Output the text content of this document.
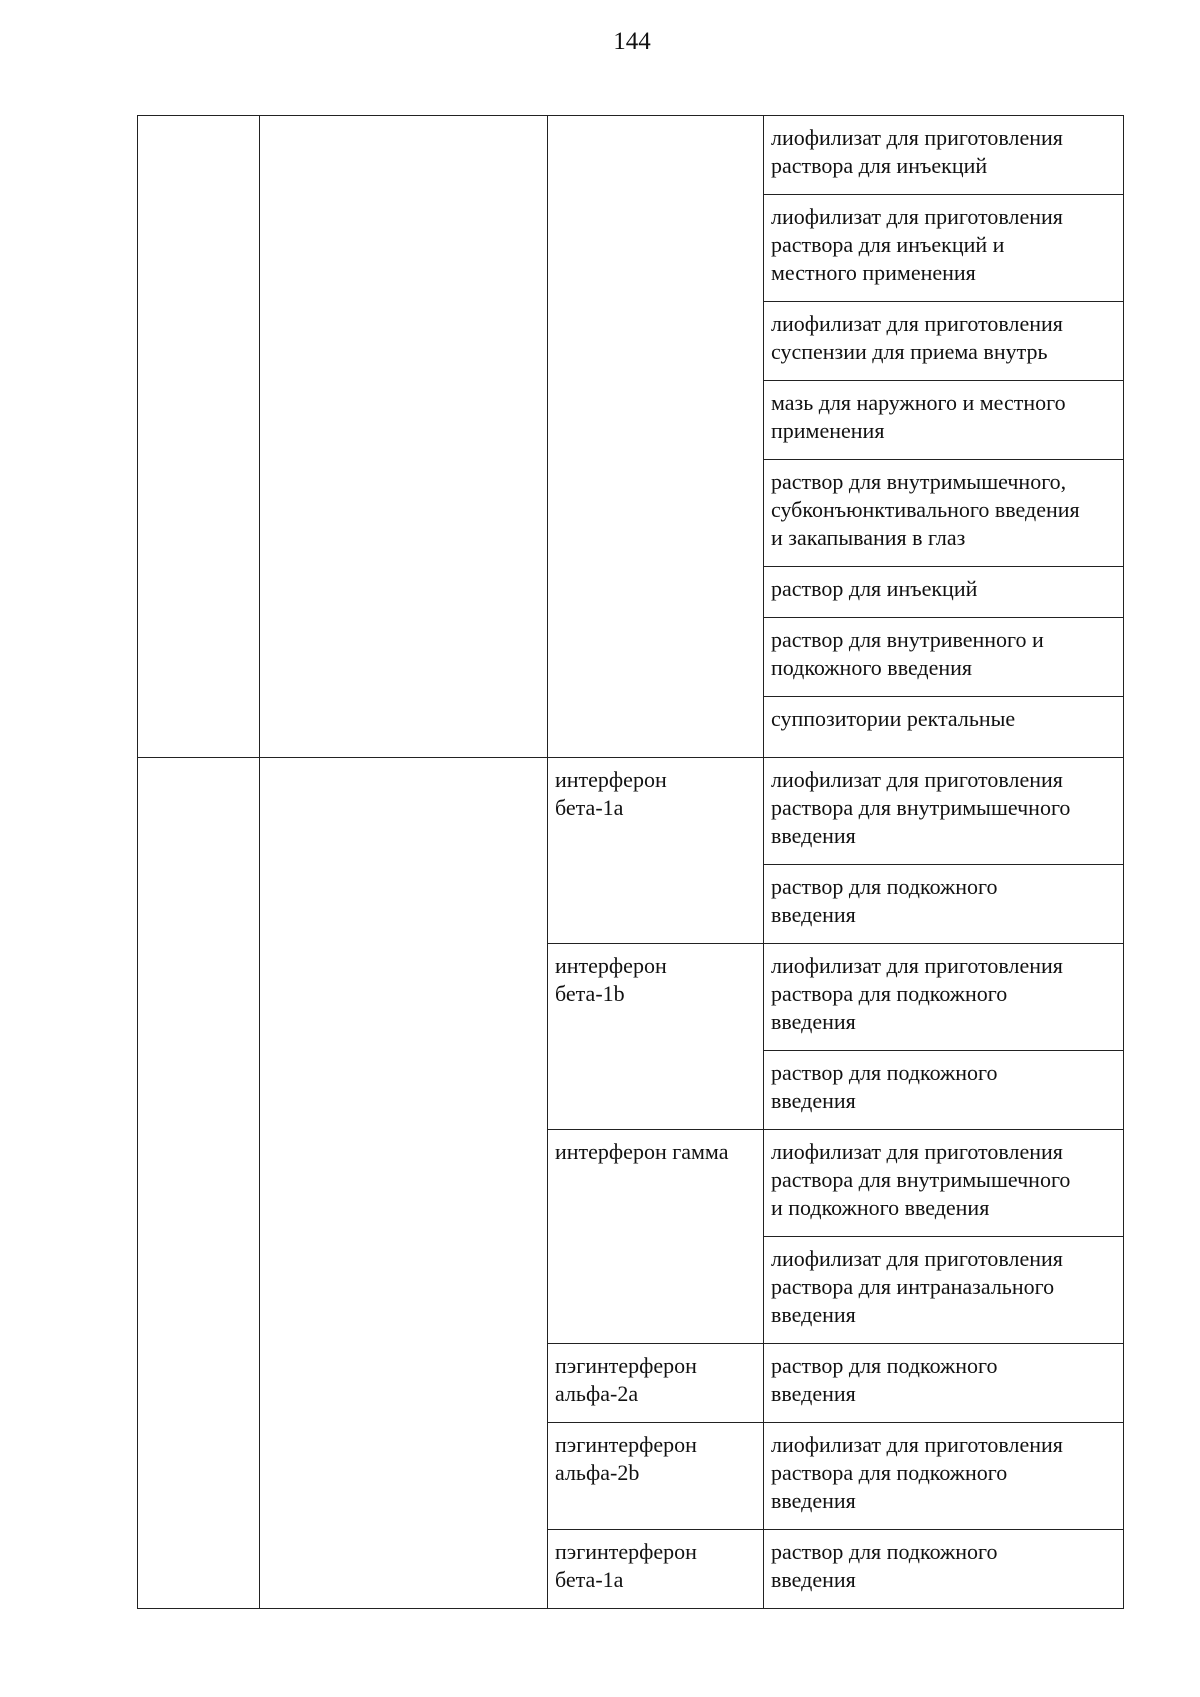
144
			лиофилизат для приготовления
раствора для инъекций
			лиофилизат для приготовления
раствора для инъекций и
местного применения
			лиофилизат для приготовления
суспензии для приема внутрь
			мазь для наружного и местного
применения
			раствор для внутримышечного,
субконъюнктивального введения
и закапывания в глаз
			раствор для инъекций
			раствор для внутривенного и
подкожного введения
			суппозитории ректальные
		интерферон
бета-1a	лиофилизат для приготовления
раствора для внутримышечного
введения
			раствор для подкожного
введения
		интерферон
бета-1b	лиофилизат для приготовления
раствора для подкожного
введения
			раствор для подкожного
введения
		интерферон гамма	лиофилизат для приготовления
раствора для внутримышечного
и подкожного введения
			лиофилизат для приготовления
раствора для интраназального
введения
		пэгинтерферон
альфа-2a	раствор для подкожного
введения
		пэгинтерферон
альфа-2b	лиофилизат для приготовления
раствора для подкожного
введения
		пэгинтерферон
бета-1a	раствор для подкожного
введения
